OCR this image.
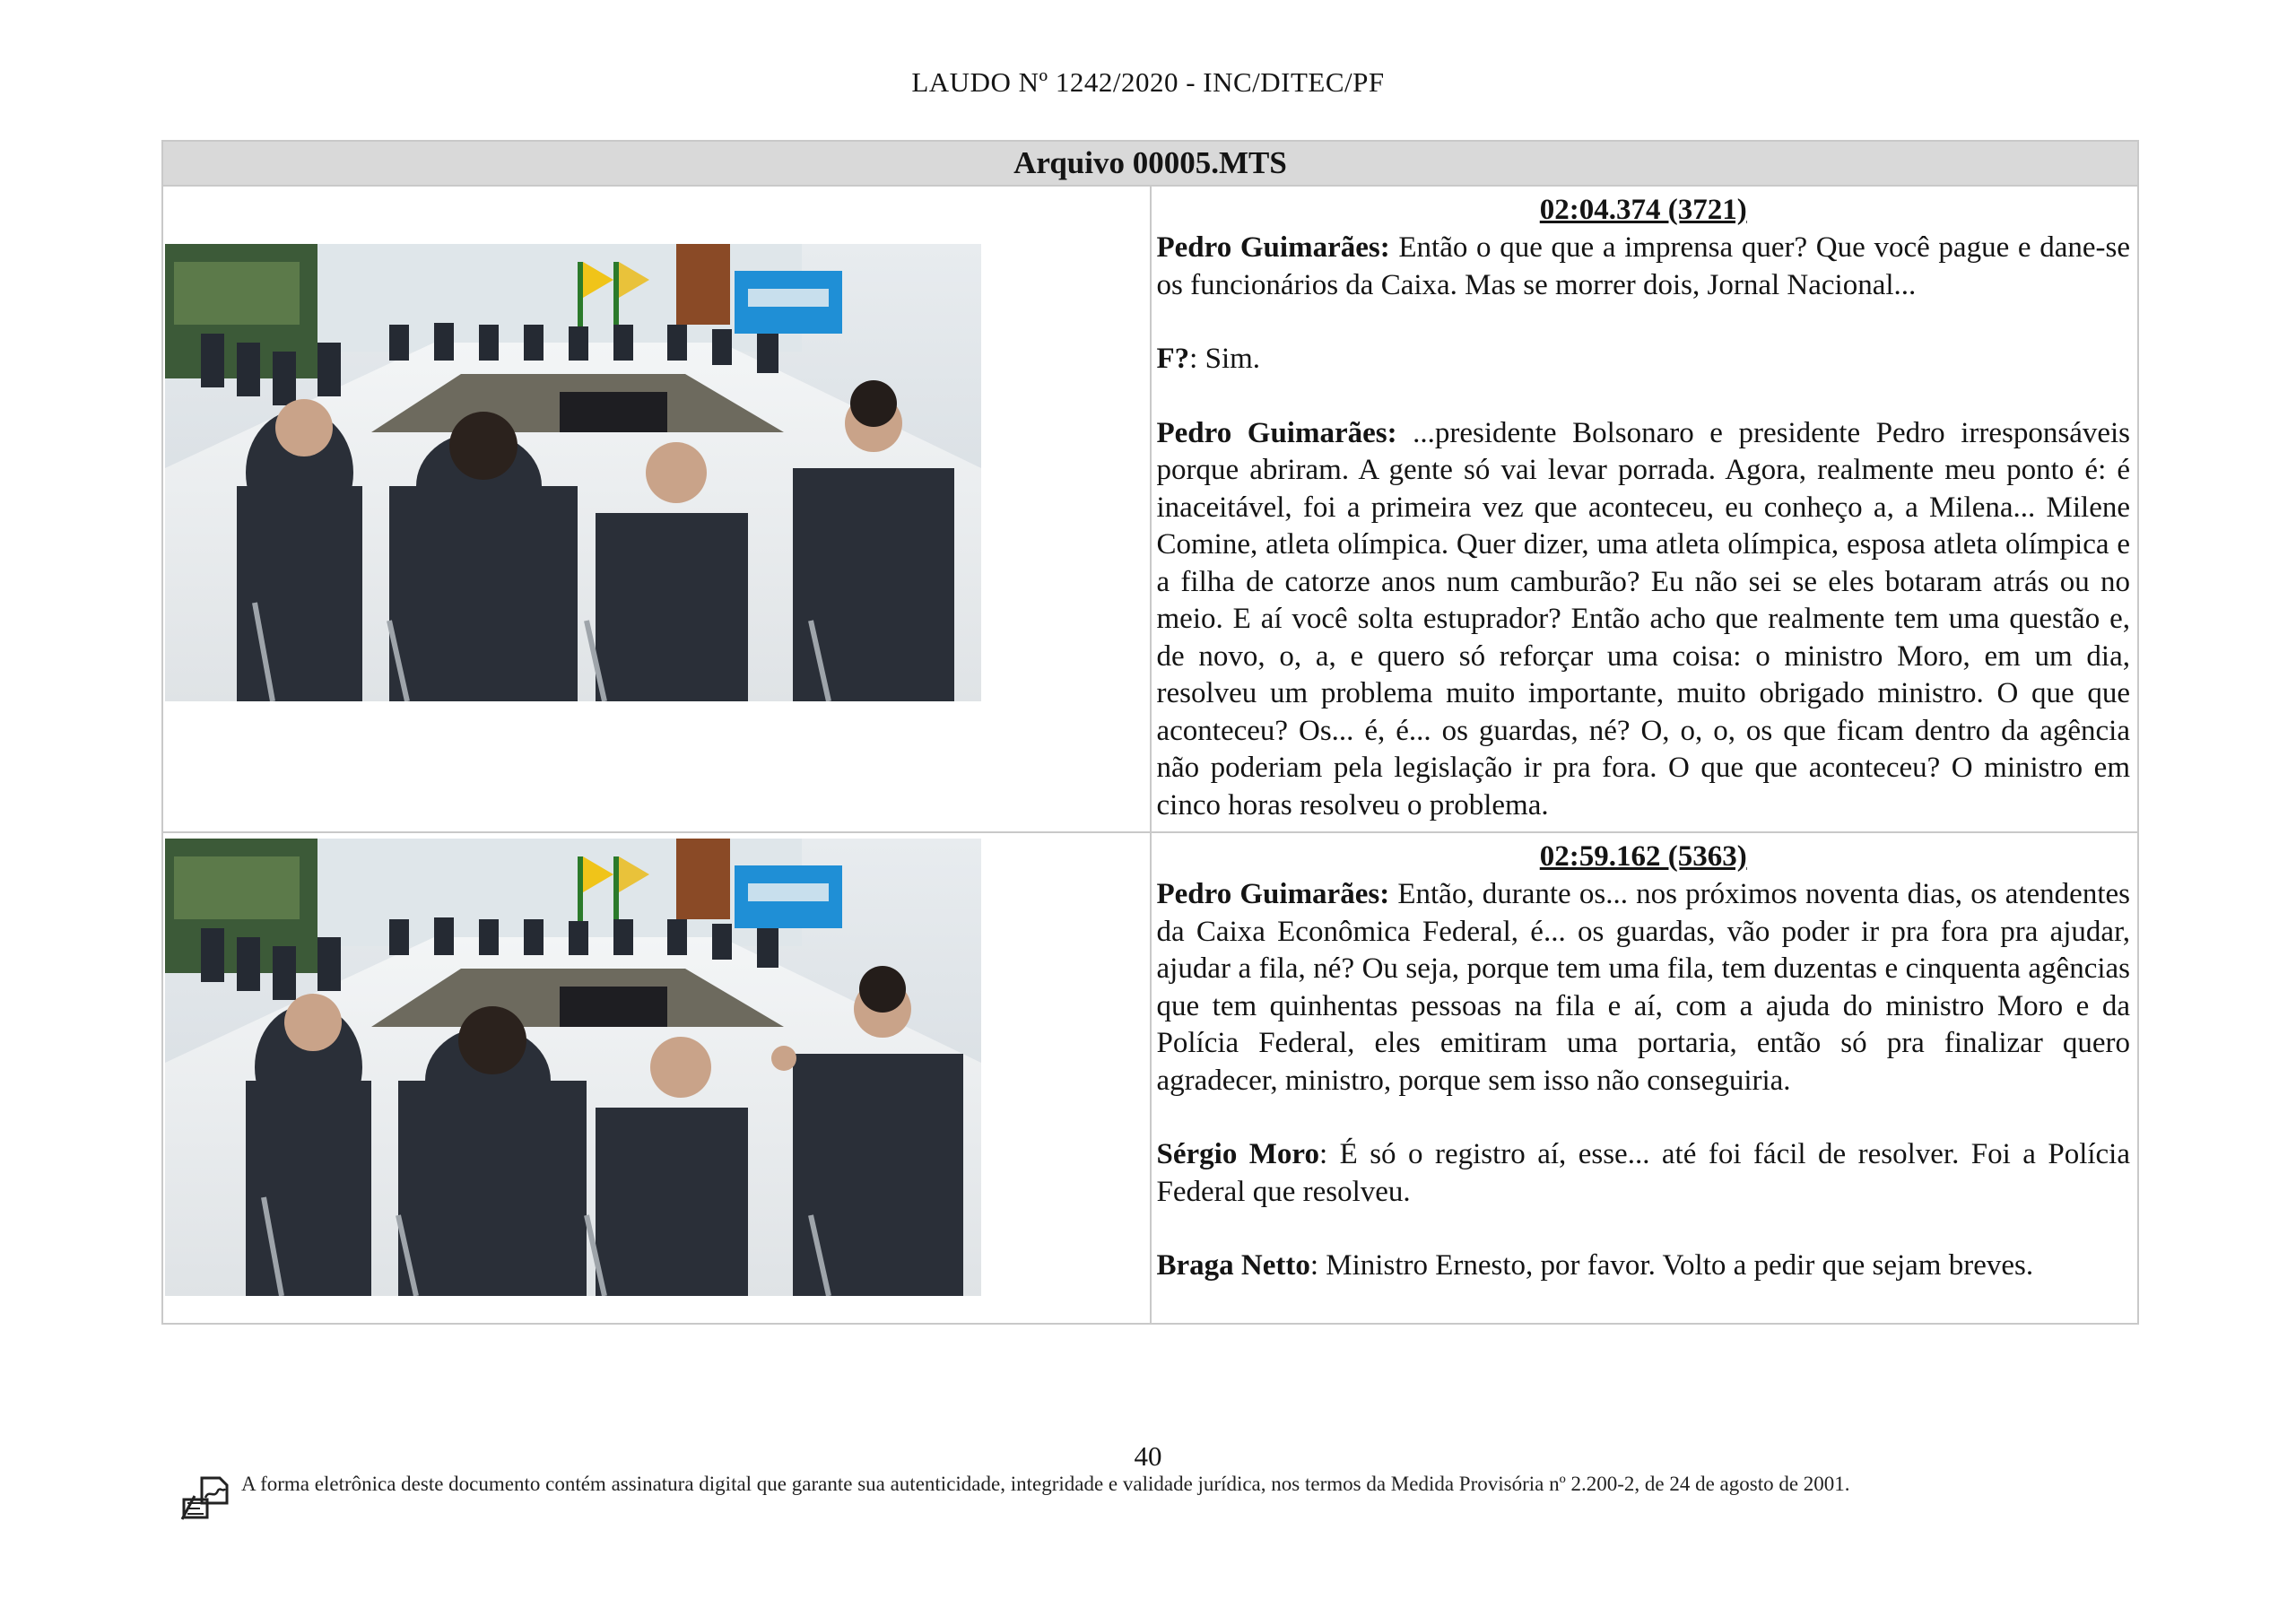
LAUDO Nº 1242/2020 - INC/DITEC/PF
Arquivo 00005.MTS	

02:04.374 (3721)

Pedro Guimarães: Então o que que a imprensa quer? Que você pague e dane-se os funcionários da Caixa. Mas se morrer dois, Jornal Nacional...

F?: Sim.

Pedro Guimarães: ...presidente Bolsonaro e presidente Pedro irresponsáveis porque abriram. A gente só vai levar porrada. Agora, realmente meu ponto é: é inaceitável, foi a primeira vez que aconteceu, eu conheço a, a Milena... Milene Comine, atleta olímpica. Quer dizer, uma atleta olímpica, esposa atleta olímpica e a filha de catorze anos num camburão? Eu não sei se eles botaram atrás ou no meio. E aí você solta estuprador? Então acho que realmente tem uma questão e, de novo, o, a, e quero só reforçar uma coisa: o ministro Moro, em um dia, resolveu um problema muito importante, muito obrigado ministro. O que que aconteceu? Os... é, é... os guardas, né? O, o, o, os que ficam dentro da agência não poderiam pela legislação ir pra fora. O que que aconteceu? O ministro em cinco horas resolveu o problema.

02:59.162 (5363)

Pedro Guimarães: Então, durante os... nos próximos noventa dias, os atendentes da Caixa Econômica Federal, é... os guardas, vão poder ir pra fora pra ajudar, ajudar a fila, né? Ou seja, porque tem uma fila, tem duzentas e cinquenta agências que tem quinhentas pessoas na fila e aí, com a ajuda do ministro Moro e da Polícia Federal, eles emitiram uma portaria, então só pra finalizar quero agradecer, ministro, porque sem isso não conseguiria.

Sérgio Moro: É só o registro aí, esse... até foi fácil de resolver. Foi a Polícia Federal que resolveu.

Braga Netto: Ministro Ernesto, por favor. Volto a pedir que sejam breves.

40
A forma eletrônica deste documento contém assinatura digital que garante sua autenticidade, integridade e validade jurídica, nos termos da Medida Provisória nº 2.200-2, de 24 de agosto de 2001.
